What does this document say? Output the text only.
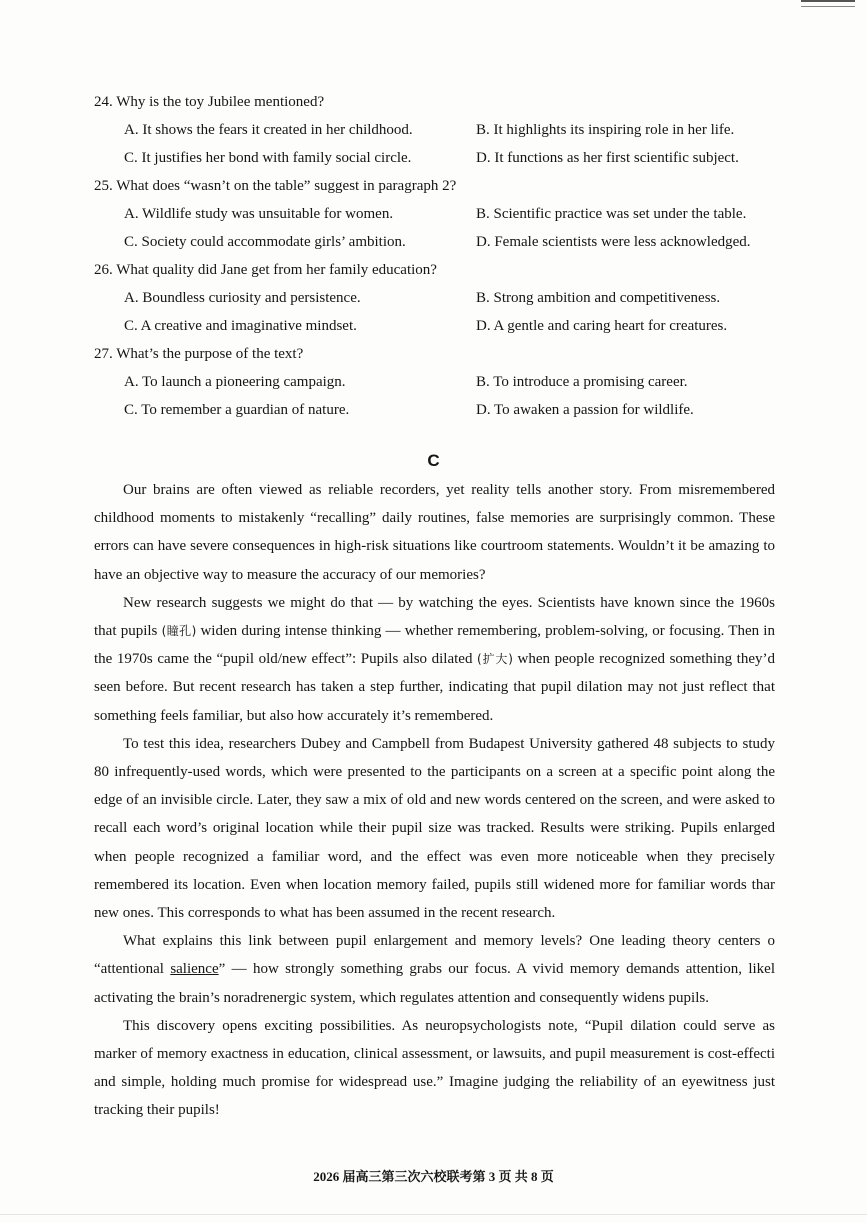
24. Why is the toy Jubilee mentioned?
A. It shows the fears it created in her childhood.	B. It highlights its inspiring role in her life.
C. It justifies her bond with family social circle.	D. It functions as her first scientific subject.
25. What does “wasn’t on the table” suggest in paragraph 2?
A. Wildlife study was unsuitable for women.	B. Scientific practice was set under the table.
C. Society could accommodate girls’ ambition.	D. Female scientists were less acknowledged.
26. What quality did Jane get from her family education?
A. Boundless curiosity and persistence.	B. Strong ambition and competitiveness.
C. A creative and imaginative mindset.	D. A gentle and caring heart for creatures.
27. What’s the purpose of the text?
A. To launch a pioneering campaign.	B. To introduce a promising career.
C. To remember a guardian of nature.	D. To awaken a passion for wildlife.
C

Our brains are often viewed as reliable recorders, yet reality tells another story. From misremembered childhood moments to mistakenly “recalling” daily routines, false memories are surprisingly common. These errors can have severe consequences in high-risk situations like courtroom statements. Wouldn’t it be amazing to have an objective way to measure the accuracy of our memories?

New research suggests we might do that — by watching the eyes. Scientists have known since the 1960s that pupils (瞳孔) widen during intense thinking — whether remembering, problem-solving, or focusing. Then in the 1970s came the “pupil old/new effect”: Pupils also dilated (扩大) when people recognized something they’d seen before. But recent research has taken a step further, indicating that pupil dilation may not just reflect that something feels familiar, but also how accurately it’s remembered.

To test this idea, researchers Dubey and Campbell from Budapest University gathered 48 subjects to study 80 infrequently-used words, which were presented to the participants on a screen at a specific point along the edge of an invisible circle. Later, they saw a mix of old and new words centered on the screen, and were asked to recall each word’s original location while their pupil size was tracked. Results were striking. Pupils enlarged when people recognized a familiar word, and the effect was even more noticeable when they precisely remembered its location. Even when location memory failed, pupils still widened more for familiar words thar new ones. This corresponds to what has been assumed in the recent research.

What explains this link between pupil enlargement and memory levels? One leading theory centers o “attentional salience” — how strongly something grabs our focus. A vivid memory demands attention, likel activating the brain’s noradrenergic system, which regulates attention and consequently widens pupils.

This discovery opens exciting possibilities. As neuropsychologists note, “Pupil dilation could serve as marker of memory exactness in education, clinical assessment, or lawsuits, and pupil measurement is cost-effecti and simple, holding much promise for widespread use.” Imagine judging the reliability of an eyewitness just tracking their pupils!

2026 届高三第三次六校联考第 3 页 共 8 页
